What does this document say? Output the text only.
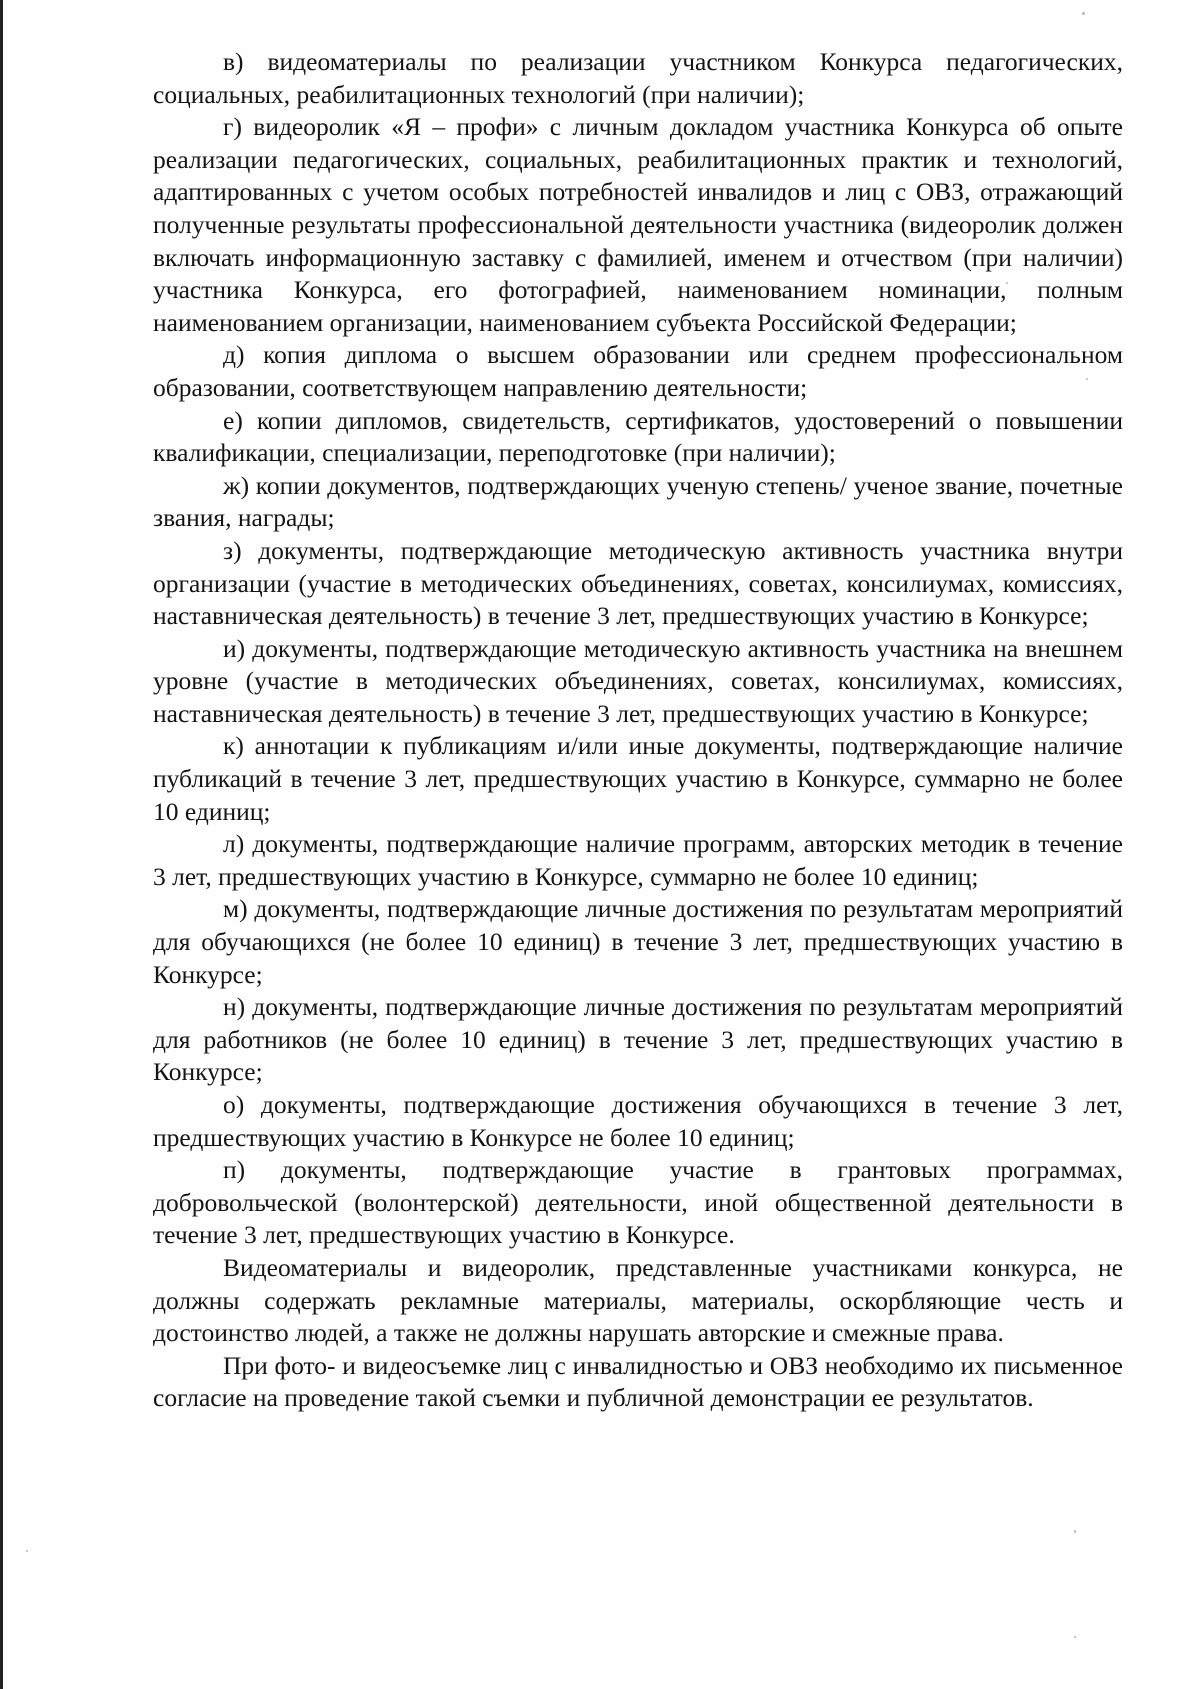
в) видеоматериалы по реализации участником Конкурса педагогических, социальных, реабилитационных технологий (при наличии);

г) видеоролик «Я – профи» с личным докладом участника Конкурса об опыте реализации педагогических, социальных, реабилитационных практик и технологий, адаптированных с учетом особых потребностей инвалидов и лиц с ОВЗ, отражающий полученные результаты профессиональной деятельности участника (видеоролик должен включать информационную заставку с фамилией, именем и отчеством (при наличии) участника Конкурса, его фотографией, наименованием номинации, полным наименованием организации, наименованием субъекта Российской Федерации;

д) копия диплома о высшем образовании или среднем профессиональном образовании, соответствующем направлению деятельности;

е) копии дипломов, свидетельств, сертификатов, удостоверений о повышении квалификации, специализации, переподготовке (при наличии);

ж) копии документов, подтверждающих ученую степень/ ученое звание, почетные звания, награды;

з) документы, подтверждающие методическую активность участника внутри организации (участие в методических объединениях, советах, консилиумах, комиссиях, наставническая деятельность) в течение 3 лет, предшествующих участию в Конкурсе;

и) документы, подтверждающие методическую активность участника на внешнем уровне (участие в методических объединениях, советах, консилиумах, комиссиях, наставническая деятельность) в течение 3 лет, предшествующих участию в Конкурсе;

к) аннотации к публикациям и/или иные документы, подтверждающие наличие публикаций в течение 3 лет, предшествующих участию в Конкурсе, суммарно не более 10 единиц;

л) документы, подтверждающие наличие программ, авторских методик в течение 3 лет, предшествующих участию в Конкурсе, суммарно не более 10 единиц;

м) документы, подтверждающие личные достижения по результатам мероприятий для обучающихся (не более 10 единиц) в течение 3 лет, предшествующих участию в Конкурсе;

н) документы, подтверждающие личные достижения по результатам мероприятий для работников (не более 10 единиц) в течение 3 лет, предшествующих участию в Конкурсе;

о) документы, подтверждающие достижения обучающихся в течение 3 лет, предшествующих участию в Конкурсе не более 10 единиц;

п) документы, подтверждающие участие в грантовых программах, добровольческой (волонтерской) деятельности, иной общественной деятельности в течение 3 лет, предшествующих участию в Конкурсе.

Видеоматериалы и видеоролик, представленные участниками конкурса, не должны содержать рекламные материалы, материалы, оскорбляющие честь и достоинство людей, а также не должны нарушать авторские и смежные права.

При фото- и видеосъемке лиц с инвалидностью и ОВЗ необходимо их письменное согласие на проведение такой съемки и публичной демонстрации ее результатов.
